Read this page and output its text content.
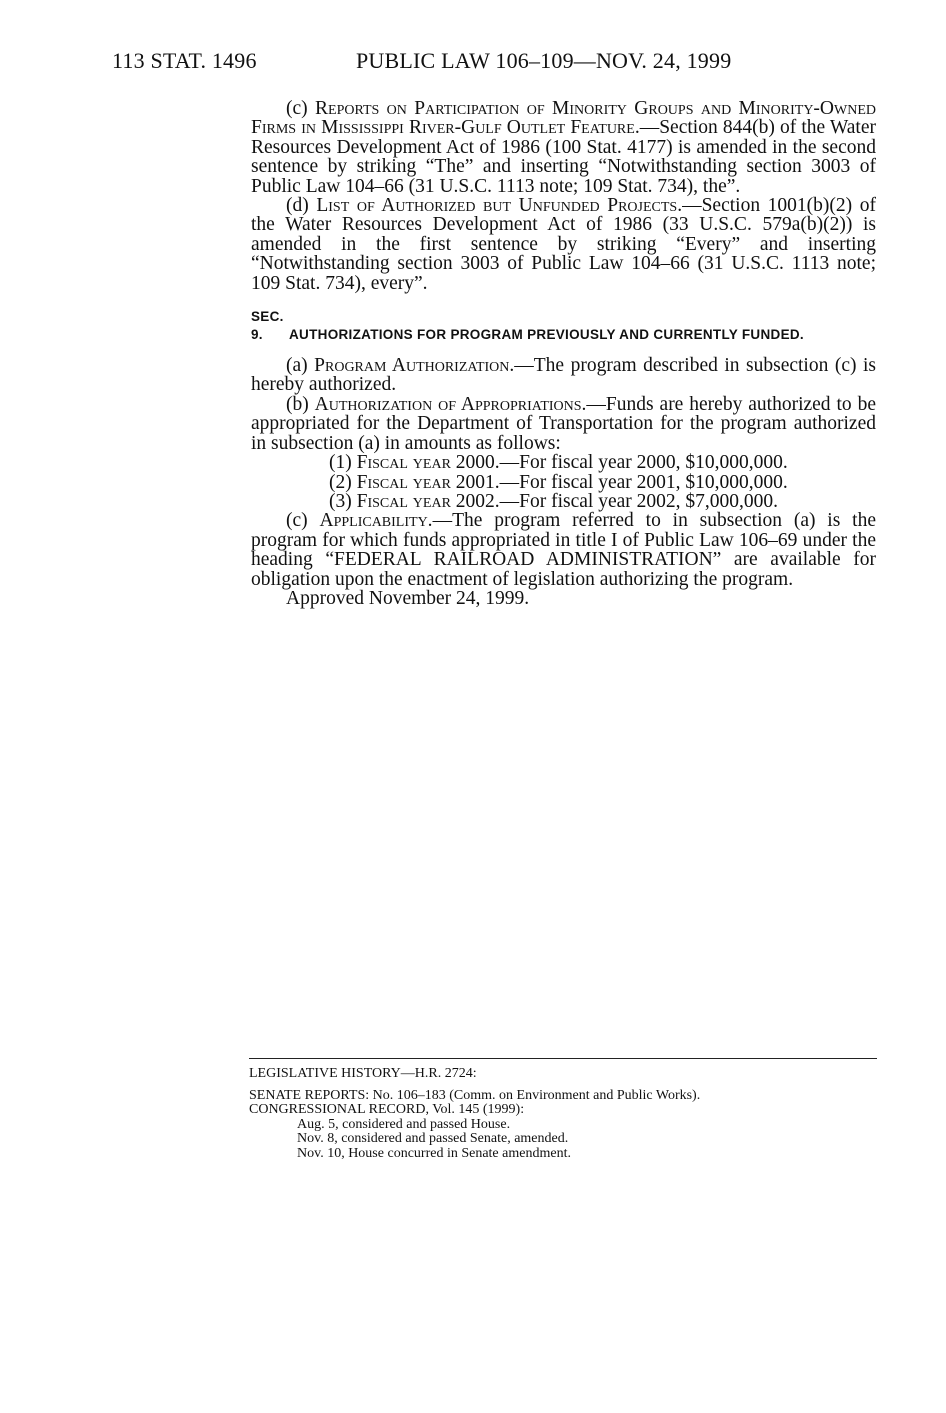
113 STAT. 1496	PUBLIC LAW 106–109—NOV. 24, 1999

(c) Reports on Participation of Minority Groups and Minority-Owned Firms in Mississippi River-Gulf Outlet Feature.—Section 844(b) of the Water Resources Development Act of 1986 (100 Stat. 4177) is amended in the second sentence by striking “The” and inserting “Notwithstanding section 3003 of Public Law 104–66 (31 U.S.C. 1113 note; 109 Stat. 734), the”.

(d) List of Authorized but Unfunded Projects.—Section 1001(b)(2) of the Water Resources Development Act of 1986 (33 U.S.C. 579a(b)(2)) is amended in the first sentence by striking “Every” and inserting “Notwithstanding section 3003 of Public Law 104–66 (31 U.S.C. 1113 note; 109 Stat. 734), every”.

SEC. 9. AUTHORIZATIONS FOR PROGRAM PREVIOUSLY AND CURRENTLY FUNDED.

(a) Program Authorization.—The program described in subsection (c) is hereby authorized.

(b) Authorization of Appropriations.—Funds are hereby authorized to be appropriated for the Department of Transportation for the program authorized in subsection (a) in amounts as follows:

(1) Fiscal year 2000.—For fiscal year 2000, $10,000,000.
(2) Fiscal year 2001.—For fiscal year 2001, $10,000,000.
(3) Fiscal year 2002.—For fiscal year 2002, $7,000,000.

(c) Applicability.—The program referred to in subsection (a) is the program for which funds appropriated in title I of Public Law 106–69 under the heading “FEDERAL RAILROAD ADMINISTRATION” are available for obligation upon the enactment of legislation authorizing the program.

Approved November 24, 1999.

LEGISLATIVE HISTORY—H.R. 2724:
SENATE REPORTS: No. 106–183 (Comm. on Environment and Public Works).
CONGRESSIONAL RECORD, Vol. 145 (1999):
Aug. 5, considered and passed House.
Nov. 8, considered and passed Senate, amended.
Nov. 10, House concurred in Senate amendment.
